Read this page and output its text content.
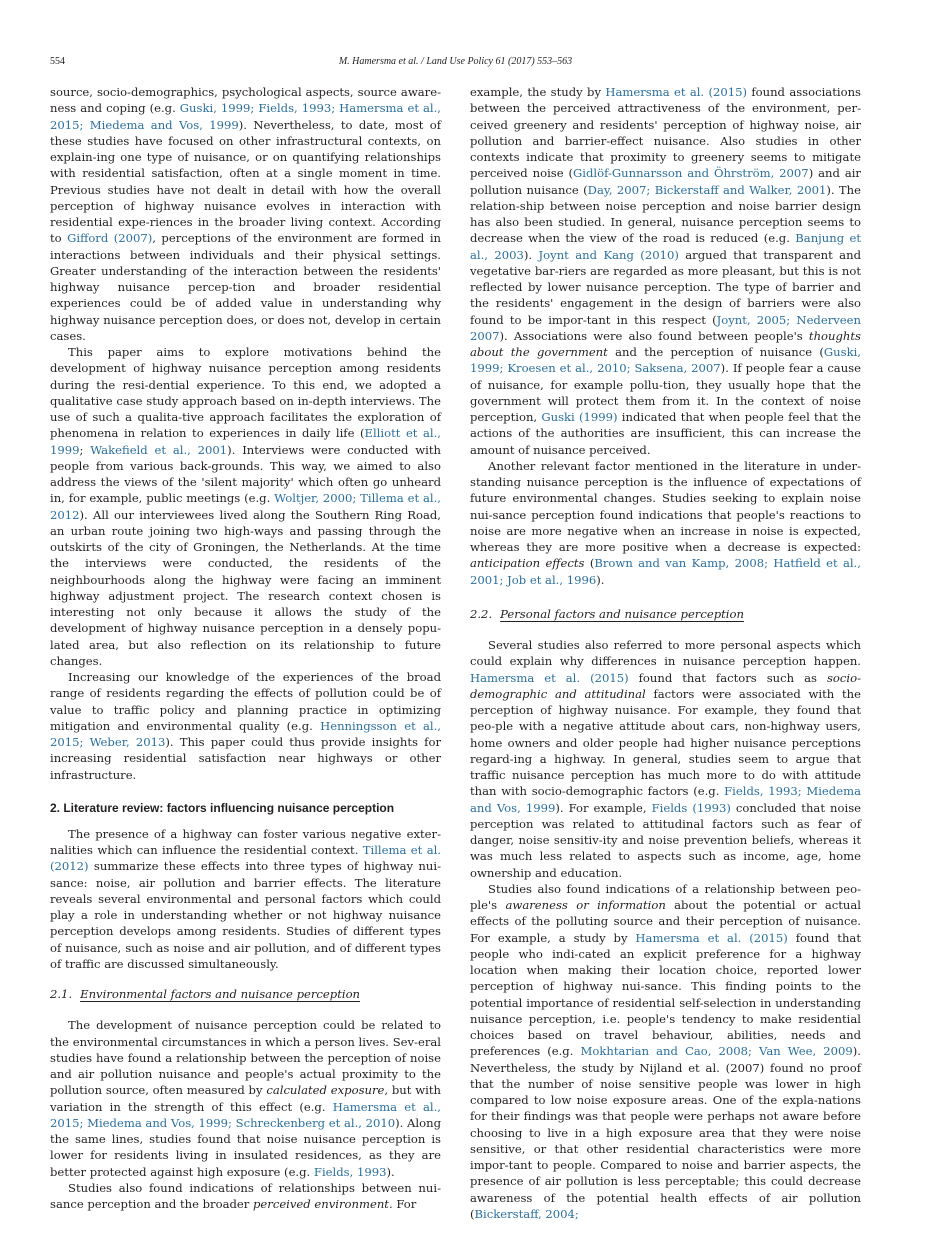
554	M. Hamersma et al. / Land Use Policy 61 (2017) 553–563

source, socio-demographics, psychological aspects, source aware-ness and coping (e.g. Guski, 1999; Fields, 1993; Hamersma et al., 2015; Miedema and Vos, 1999). Nevertheless, to date, most of these studies have focused on other infrastructural contexts, on explain-ing one type of nuisance, or on quantifying relationships with residential satisfaction, often at a single moment in time. Previous studies have not dealt in detail with how the overall perception of highway nuisance evolves in interaction with residential expe-riences in the broader living context. According to Gifford (2007), perceptions of the environment are formed in interactions between individuals and their physical settings. Greater understanding of the interaction between the residents' highway nuisance percep-tion and broader residential experiences could be of added value in understanding why highway nuisance perception does, or does not, develop in certain cases.

This paper aims to explore motivations behind the development of highway nuisance perception among residents during the resi-dential experience. To this end, we adopted a qualitative case study approach based on in-depth interviews. The use of such a qualita-tive approach facilitates the exploration of phenomena in relation to experiences in daily life (Elliott et al., 1999; Wakefield et al., 2001). Interviews were conducted with people from various back-grounds. This way, we aimed to also address the views of the 'silent majority' which often go unheard in, for example, public meetings (e.g. Woltjer, 2000; Tillema et al., 2012). All our interviewees lived along the Southern Ring Road, an urban route joining two high-ways and passing through the outskirts of the city of Groningen, the Netherlands. At the time the interviews were conducted, the residents of the neighbourhoods along the highway were facing an imminent highway adjustment project. The research context chosen is interesting not only because it allows the study of the development of highway nuisance perception in a densely popu-lated area, but also reflection on its relationship to future changes.

Increasing our knowledge of the experiences of the broad range of residents regarding the effects of pollution could be of value to traffic policy and planning practice in optimizing mitigation and environmental quality (e.g. Henningsson et al., 2015; Weber, 2013). This paper could thus provide insights for increasing residential satisfaction near highways or other infrastructure.

2. Literature review: factors influencing nuisance perception

The presence of a highway can foster various negative exter-nalities which can influence the residential context. Tillema et al. (2012) summarize these effects into three types of highway nui-sance: noise, air pollution and barrier effects. The literature reveals several environmental and personal factors which could play a role in understanding whether or not highway nuisance perception develops among residents. Studies of different types of nuisance, such as noise and air pollution, and of different types of traffic are discussed simultaneously.

2.1. Environmental factors and nuisance perception

The development of nuisance perception could be related to the environmental circumstances in which a person lives. Sev-eral studies have found a relationship between the perception of noise and air pollution nuisance and people's actual proximity to the pollution source, often measured by calculated exposure, but with variation in the strength of this effect (e.g. Hamersma et al., 2015; Miedema and Vos, 1999; Schreckenberg et al., 2010). Along the same lines, studies found that noise nuisance perception is lower for residents living in insulated residences, as they are better protected against high exposure (e.g. Fields, 1993).

Studies also found indications of relationships between nui-sance perception and the broader perceived environment. For

example, the study by Hamersma et al. (2015) found associations between the perceived attractiveness of the environment, per-ceived greenery and residents' perception of highway noise, air pollution and barrier-effect nuisance. Also studies in other contexts indicate that proximity to greenery seems to mitigate perceived noise (Gidlöf-Gunnarsson and Öhrström, 2007) and air pollution nuisance (Day, 2007; Bickerstaff and Walker, 2001). The relation-ship between noise perception and noise barrier design has also been studied. In general, nuisance perception seems to decrease when the view of the road is reduced (e.g. Banjung et al., 2003). Joynt and Kang (2010) argued that transparent and vegetative bar-riers are regarded as more pleasant, but this is not reflected by lower nuisance perception. The type of barrier and the residents' engagement in the design of barriers were also found to be impor-tant in this respect (Joynt, 2005; Nederveen 2007). Associations were also found between people's thoughts about the government and the perception of nuisance (Guski, 1999; Kroesen et al., 2010; Saksena, 2007). If people fear a cause of nuisance, for example pollu-tion, they usually hope that the government will protect them from it. In the context of noise perception, Guski (1999) indicated that when people feel that the actions of the authorities are insufficient, this can increase the amount of nuisance perceived.

Another relevant factor mentioned in the literature in under-standing nuisance perception is the influence of expectations of future environmental changes. Studies seeking to explain noise nui-sance perception found indications that people's reactions to noise are more negative when an increase in noise is expected, whereas they are more positive when a decrease is expected: anticipation effects (Brown and van Kamp, 2008; Hatfield et al., 2001; Job et al., 1996).

2.2. Personal factors and nuisance perception

Several studies also referred to more personal aspects which could explain why differences in nuisance perception happen. Hamersma et al. (2015) found that factors such as socio-demographic and attitudinal factors were associated with the perception of highway nuisance. For example, they found that peo-ple with a negative attitude about cars, non-highway users, home owners and older people had higher nuisance perceptions regard-ing a highway. In general, studies seem to argue that traffic nuisance perception has much more to do with attitude than with socio-demographic factors (e.g. Fields, 1993; Miedema and Vos, 1999). For example, Fields (1993) concluded that noise perception was related to attitudinal factors such as fear of danger, noise sensitiv-ity and noise prevention beliefs, whereas it was much less related to aspects such as income, age, home ownership and education.

Studies also found indications of a relationship between peo-ple's awareness or information about the potential or actual effects of the polluting source and their perception of nuisance. For example, a study by Hamersma et al. (2015) found that people who indi-cated an explicit preference for a highway location when making their location choice, reported lower perception of highway nui-sance. This finding points to the potential importance of residential self-selection in understanding nuisance perception, i.e. people's tendency to make residential choices based on travel behaviour, abilities, needs and preferences (e.g. Mokhtarian and Cao, 2008; Van Wee, 2009). Nevertheless, the study by Nijland et al. (2007) found no proof that the number of noise sensitive people was lower in high compared to low noise exposure areas. One of the expla-nations for their findings was that people were perhaps not aware before choosing to live in a high exposure area that they were noise sensitive, or that other residential characteristics were more impor-tant to people. Compared to noise and barrier aspects, the presence of air pollution is less perceptable; this could decrease awareness of the potential health effects of air pollution (Bickerstaff, 2004;
